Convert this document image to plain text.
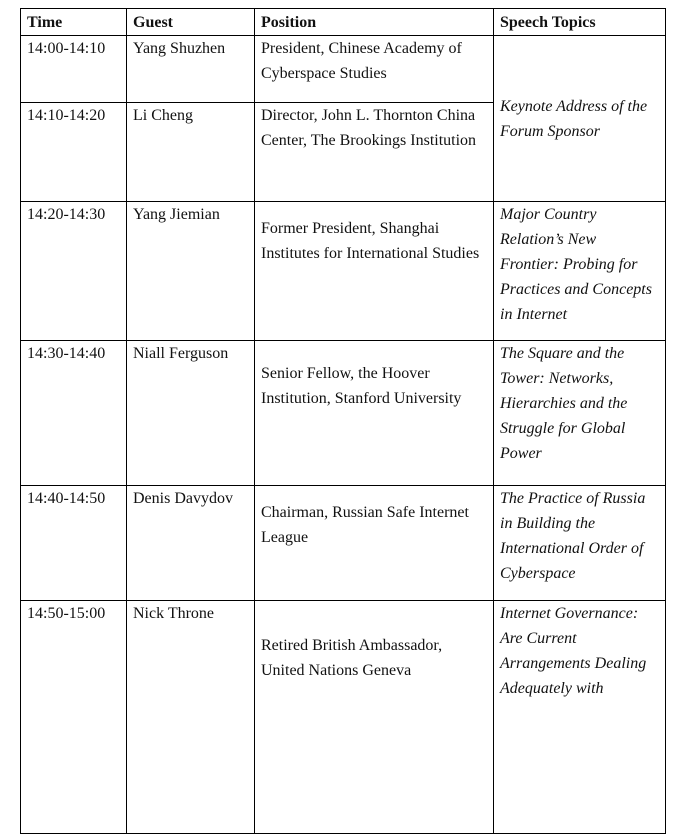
Time	Guest	Position	Speech Topics
14:00-14:10	Yang Shuzhen	President, Chinese Academy of Cyberspace Studies	Keynote Address of the Forum Sponsor
14:10-14:20	Li Cheng	Director, John L. Thornton China Center, The Brookings Institution	
14:20-14:30	Yang Jiemian	Former President, Shanghai Institutes for International Studies	Major Country Relation’s New Frontier: Probing for Practices and Concepts in Internet
14:30-14:40	Niall Ferguson	Senior Fellow, the Hoover Institution, Stanford University	The Square and the Tower: Networks, Hierarchies and the Struggle for Global Power
14:40-14:50	Denis Davydov	Chairman, Russian Safe Internet League	The Practice of Russia in Building the International Order of Cyberspace
14:50-15:00	Nick Throne	Retired British Ambassador, United Nations Geneva	Internet Governance: Are Current Arrangements Dealing Adequately with
